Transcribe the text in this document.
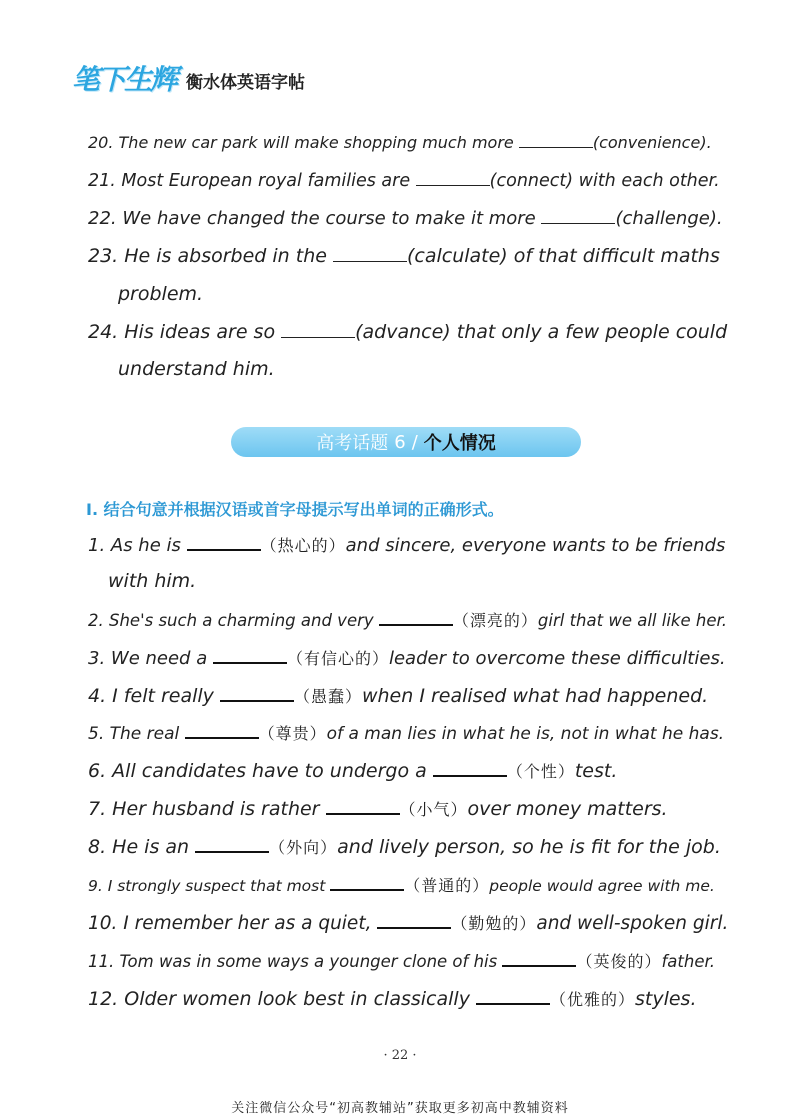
笔下生辉 衡水体英语字帖
20. The new car park will make shopping much more	(convenience).
21. Most European royal families are	(connect) with each other.
22. We have changed the course to make it more	(challenge).
23. He is absorbed in the	(calculate) of that difficult maths
problem.
24. His ideas are so	(advance) that only a few people could
understand him.
高考话题 6 / 个人情况
I. 结合句意并根据汉语或首字母提示写出单词的正确形式。
1. As he is	（热心的）and sincere, everyone wants to be friends
with him.
2. She's such a charming and very	（漂亮的）girl that we all like her.
3. We need a	（有信心的）leader to overcome these difficulties.
4. I felt really	（愚蠢）when I realised what had happened.
5. The real	（尊贵）of a man lies in what he is, not in what he has.
6. All candidates have to undergo a	（个性）test.
7. Her husband is rather	（小气）over money matters.
8. He is an	（外向）and lively person, so he is fit for the job.
9. I strongly suspect that most	（普通的）people would agree with me.
10. I remember her as a quiet,	（勤勉的）and well-spoken girl.
11. Tom was in some ways a younger clone of his	（英俊的）father.
12. Older women look best in classically	（优雅的）styles.
· 22 ·
关注微信公众号“初高教辅站”获取更多初高中教辅资料
